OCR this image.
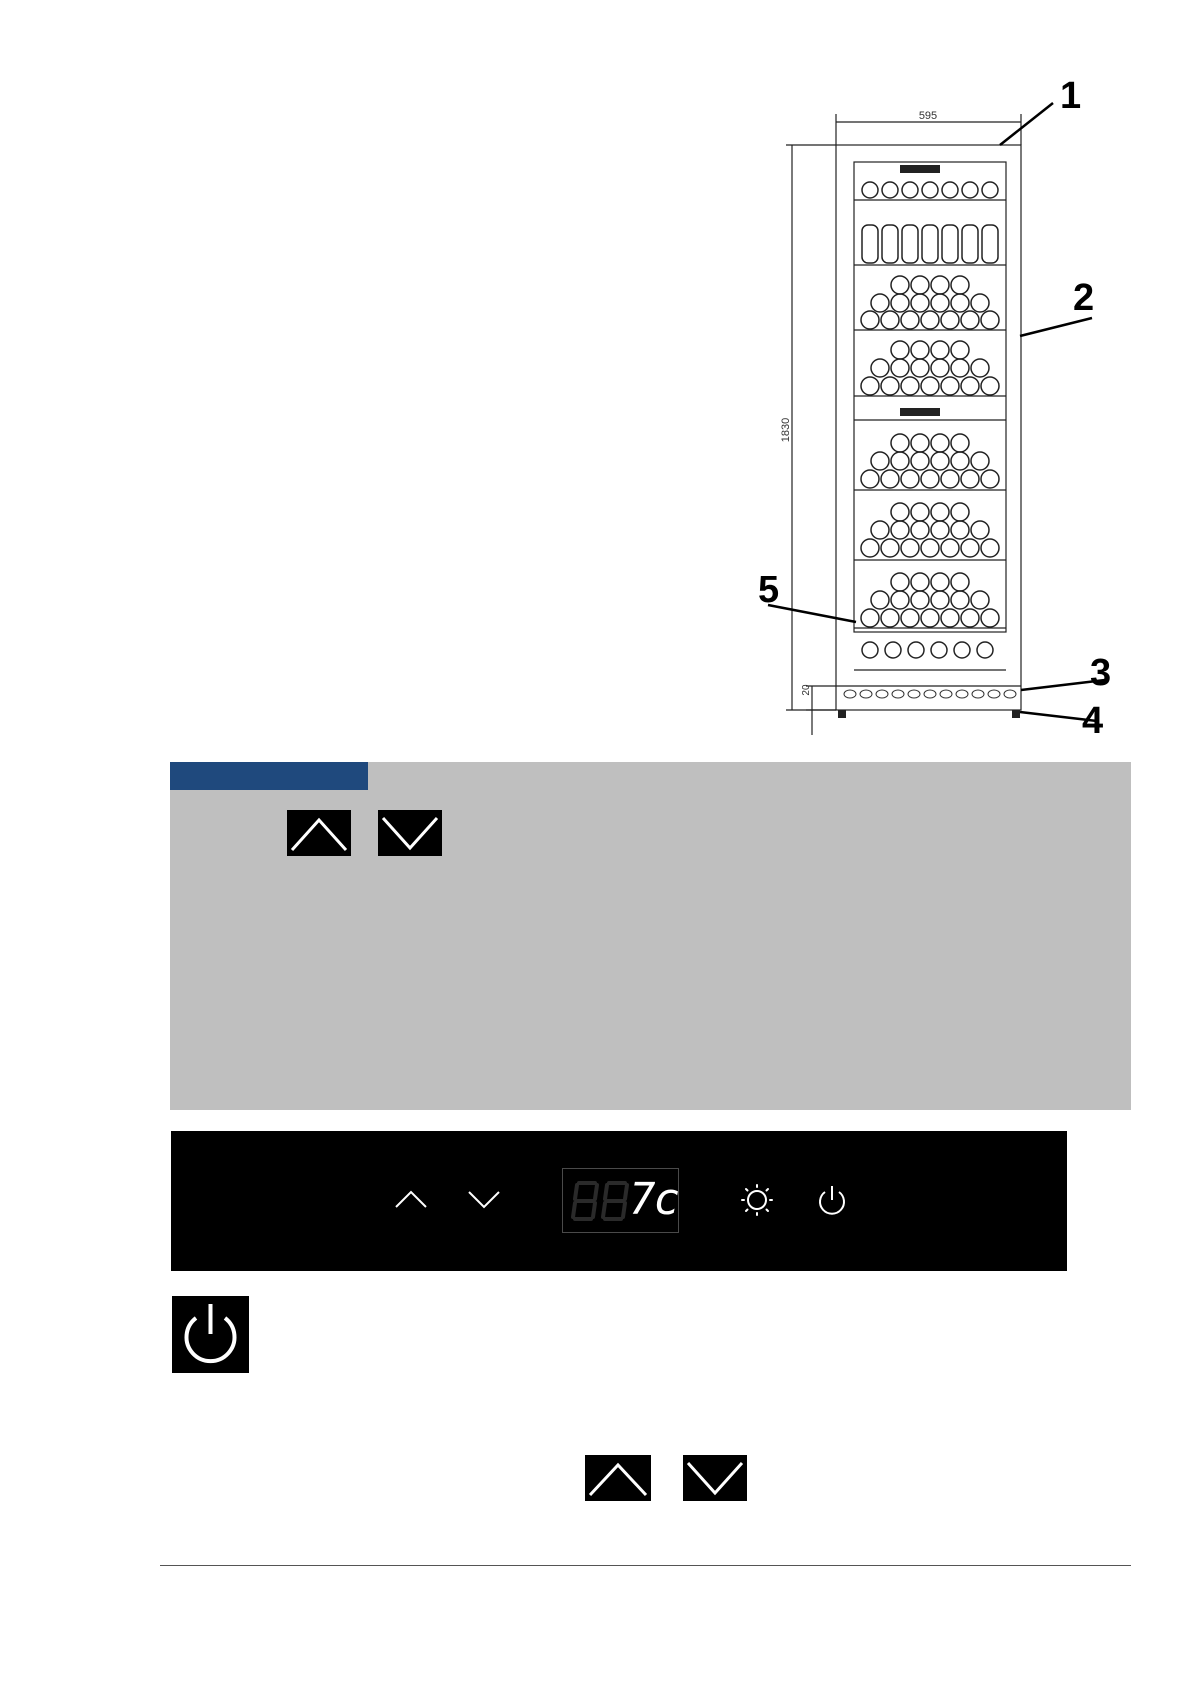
595
1830
20
1
2
3
4
5
7c
